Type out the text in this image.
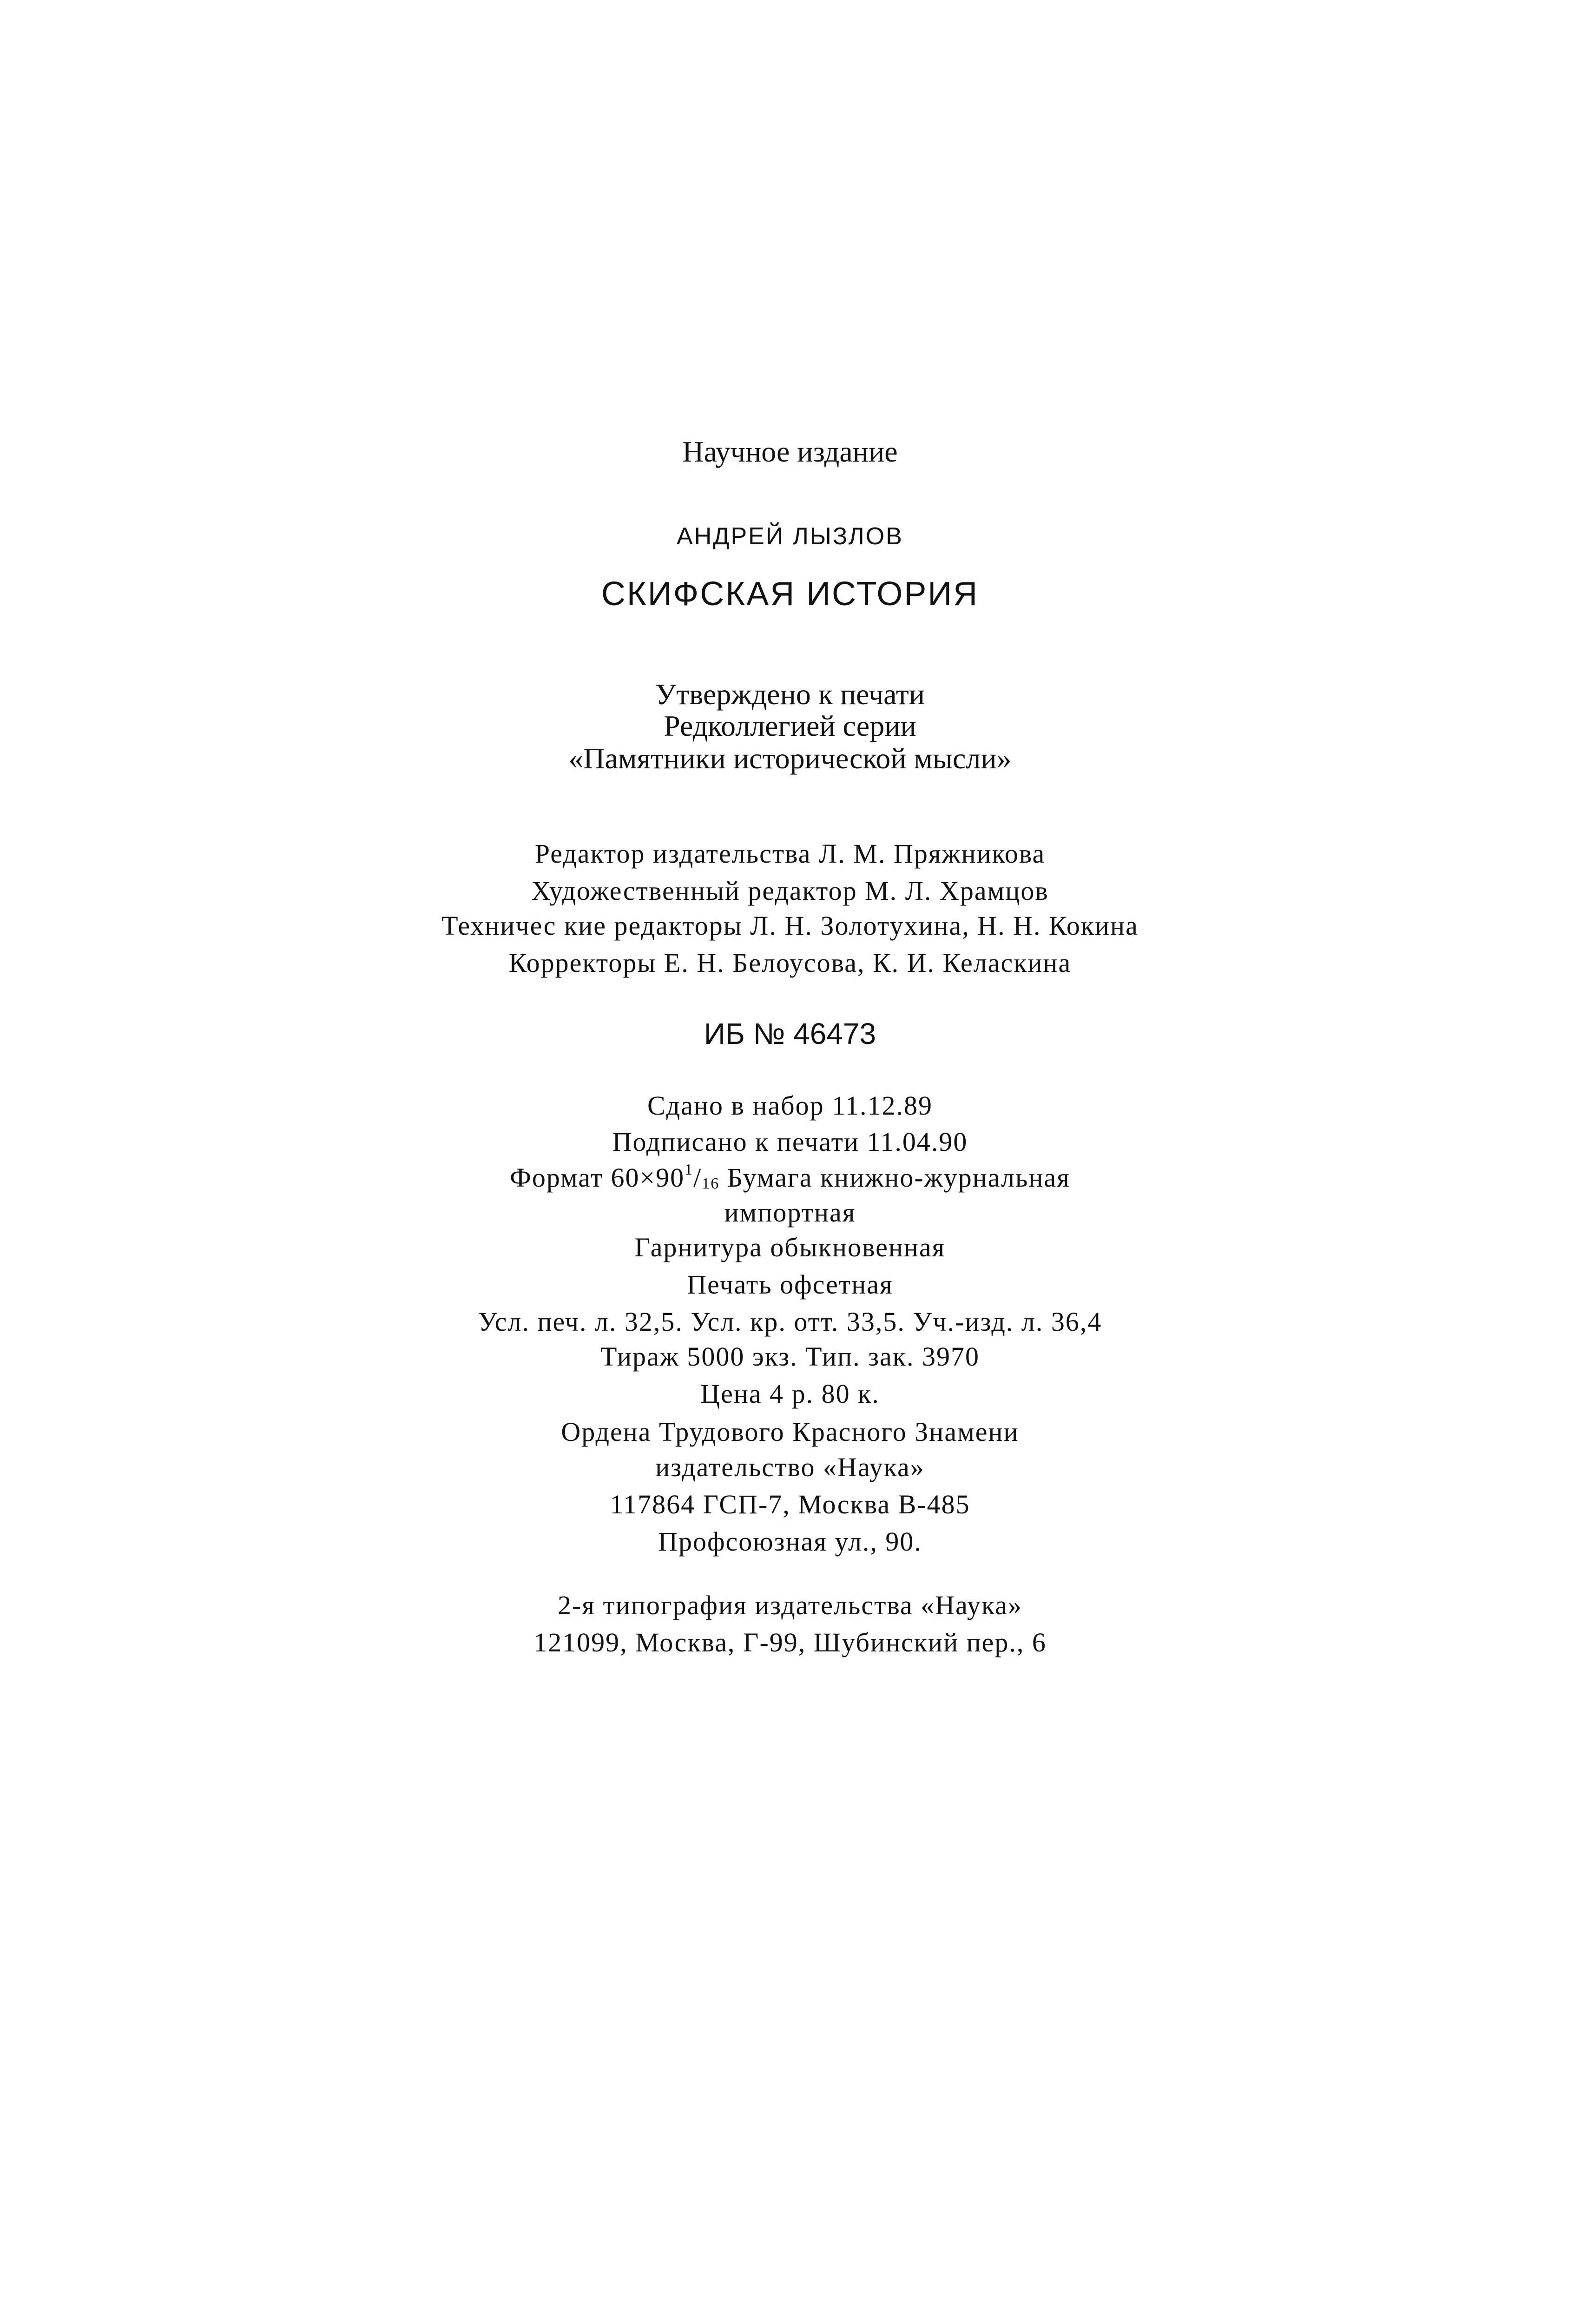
Научное издание
АНДРЕЙ ЛЫЗЛОВ
СКИФСКАЯ ИСТОРИЯ
Утверждено к печати
Редколлегией серии
«Памятники исторической мысли»
Редактор издательства Л. М. Пряжникова
Художественный редактор М. Л. Храмцов
Техничес кие редакторы Л. Н. Золотухина, Н. Н. Кокина
Корректоры Е. Н. Белоусова, К. И. Келаскина
ИБ № 46473
Сдано в набор 11.12.89
Подписано к печати 11.04.90
Формат $60\times 90^1/_{16}$ Бумага книжно-журнальная
импортная
Гарнитура обыкновенная
Печать офсетная
Усл. печ. л. 32,5. Усл. кр. отт. 33,5. Уч.-изд. л. 36,4
Тираж 5000 экз. Тип. зак. 3970
Цена 4 р. 80 к.
Ордена Трудового Красного Знамени
издательство «Наука»
117864 ГСП-7, Москва В-485
Профсоюзная ул., 90.
2-я типография издательства «Наука»
121099, Москва, Г-99, Шубинский пер., 6
